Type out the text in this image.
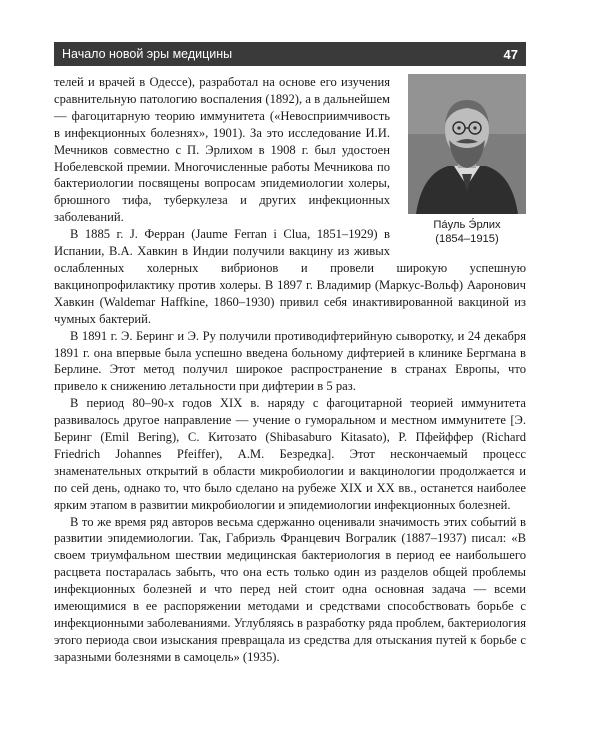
Начало новой эры медицины	47
Пáуль Э́рлих
(1854–1915)

телей и врачей в Одессе), разработал на основе его изучения сравнительную патологию воспаления (1892), а в дальнейшем — фагоцитарную теорию иммунитета («Невосприимчивость в инфекционных болезнях», 1901). За это исследование И.И. Мечников совместно с П. Эрлихом в 1908 г. был удостоен Нобелевской премии. Многочисленные работы Мечникова по бактериологии посвящены вопросам эпидемиологии холеры, брюшного тифа, туберкулеза и других инфекционных заболеваний.

В 1885 г. J. Ферран (Jaume Ferran i Clua, 1851–1929) в Испании, В.А. Хавкин в Индии получили вакцину из живых ослабленных холерных вибрионов и провели широкую успешную вакцинопрофилактику против холеры. В 1897 г. Владимир (Маркус-Вольф) Ааронович Хавкин (Waldemar Haffkine, 1860–1930) привил себя инактивированной вакциной из чумных бактерий.

В 1891 г. Э. Беринг и Э. Ру получили противодифтерийную сыворотку, и 24 декабря 1891 г. она впервые была успешно введена больному дифтерией в клинике Бергмана в Берлине. Этот метод получил широкое распространение в странах Европы, что привело к снижению летальности при дифтерии в 5 раз.

В период 80–90-х годов XIX в. наряду с фагоцитарной теорией иммунитета развивалось другое направление — учение о гуморальном и местном иммунитете [Э. Беринг (Emil Bering), С. Китозато (Shibasaburo Kitasato), Р. Пфейффер (Richard Friedrich Johannes Pfeiffer), А.М. Безредка]. Этот нескончаемый процесс знаменательных открытий в области микробиологии и вакцинологии продолжается и по сей день, однако то, что было сделано на рубеже XIX и XX вв., останется наиболее ярким этапом в развитии микробиологии и эпидемиологии инфекционных болезней.

В то же время ряд авторов весьма сдержанно оценивали значимость этих событий в развитии эпидемиологии. Так, Габриэль Францевич Вогралик (1887–1937) писал: «В своем триумфальном шествии медицинская бактериология в период ее наибольшего расцвета постаралась забыть, что она есть только один из разделов общей проблемы инфекционных болезней и что перед ней стоит одна основная задача — всеми имеющимися в ее распоряжении методами и средствами способствовать борьбе с инфекционными заболеваниями. Углубляясь в разработку ряда проблем, бактериология этого периода свои изыскания превращала из средства для отыскания путей к борьбе с заразными болезнями в самоцель» (1935).
